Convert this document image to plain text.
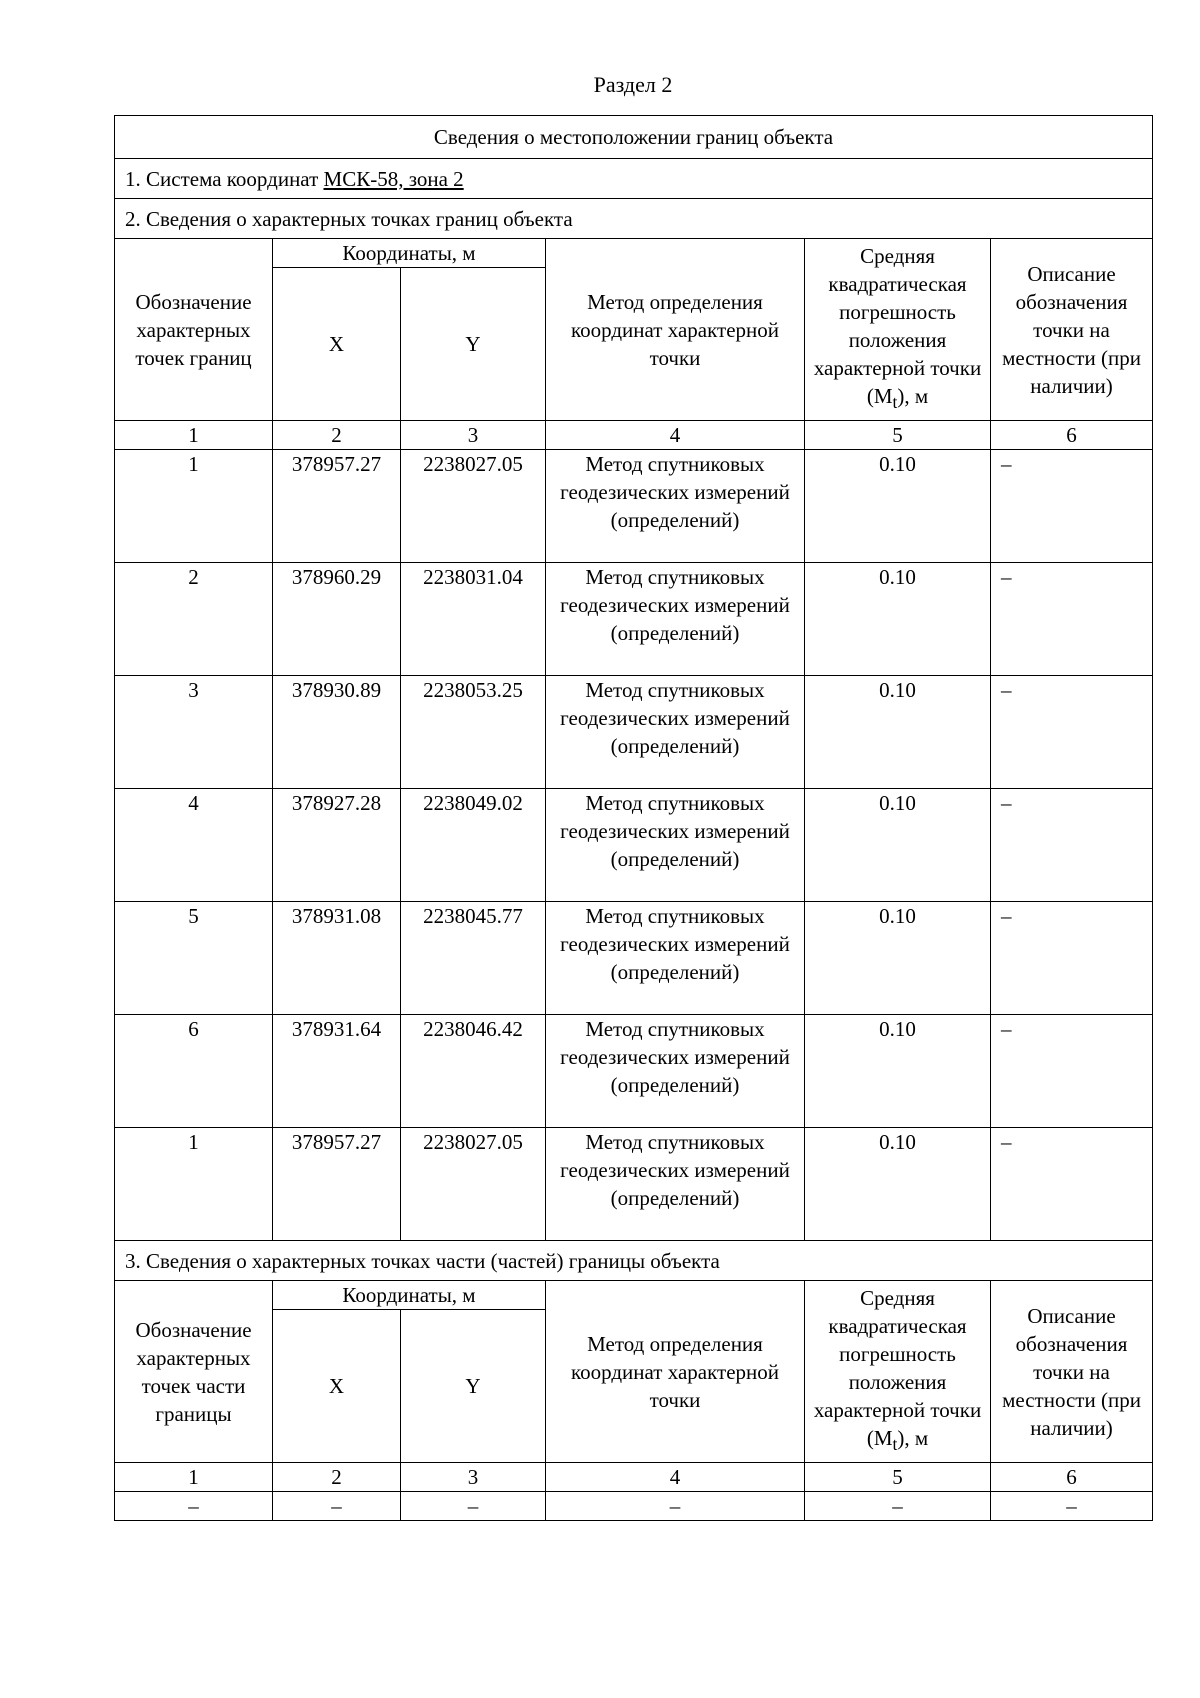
Раздел 2
Сведения о местоположении границ объекта					
1. Система координат МСК-58, зона 2					
2. Сведения о характерных точках границ объекта					
Обозначение характерных точек границ	Координаты, м		Метод определения координат характерной точки	Средняя квадратическая погрешность положения характерной точки $(M_t)$, м	Описание обозначения точки на местности (при наличии)
	X	Y			
1	2	3	4	5	6
1	378957.27	2238027.05	Метод спутниковых геодезических измерений (определений)	0.10	–
2	378960.29	2238031.04	Метод спутниковых геодезических измерений (определений)	0.10	–
3	378930.89	2238053.25	Метод спутниковых геодезических измерений (определений)	0.10	–
4	378927.28	2238049.02	Метод спутниковых геодезических измерений (определений)	0.10	–
5	378931.08	2238045.77	Метод спутниковых геодезических измерений (определений)	0.10	–
6	378931.64	2238046.42	Метод спутниковых геодезических измерений (определений)	0.10	–
1	378957.27	2238027.05	Метод спутниковых геодезических измерений (определений)	0.10	–
3. Сведения о характерных точках части (частей) границы объекта					
Обозначение характерных точек части границы	Координаты, м		Метод определения координат характерной точки	Средняя квадратическая погрешность положения характерной точки $(M_t)$, м	Описание обозначения точки на местности (при наличии)
	X	Y			
1	2	3	4	5	6
–	–	–	–	–	–
